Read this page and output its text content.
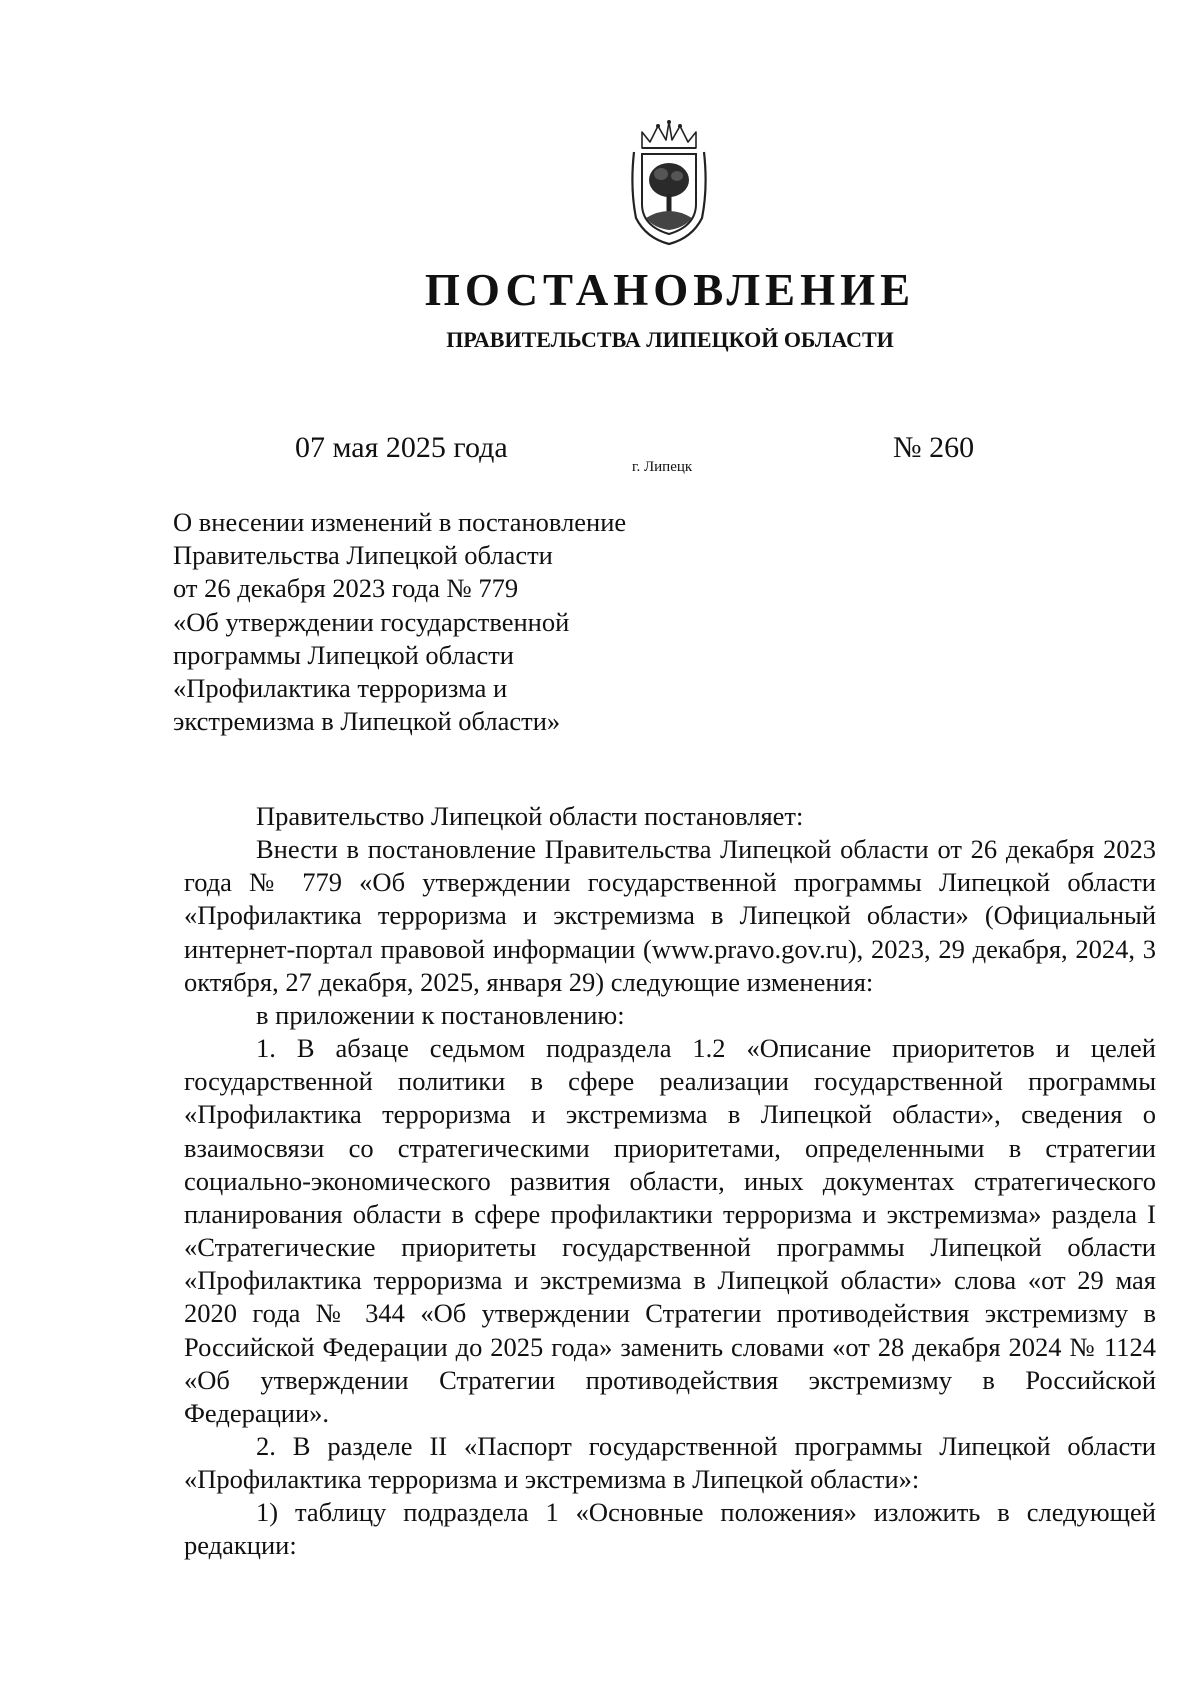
ПОСТАНОВЛЕНИЕ
ПРАВИТЕЛЬСТВА ЛИПЕЦКОЙ ОБЛАСТИ
07 мая 2025 года
г. Липецк
№ 260
О внесении изменений в постановление
Правительства Липецкой области
от 26 декабря 2023 года № 779
«Об утверждении государственной
программы Липецкой области
«Профилактика терроризма и
экстремизма в Липецкой области»

Правительство Липецкой области постановляет:

Внести в постановление Правительства Липецкой области от 26 декабря 2023 года № 779 «Об утверждении государственной программы Липецкой области «Профилактика терроризма и экстремизма в Липецкой области» (Официальный интернет-портал правовой информации (www.pravo.gov.ru), 2023, 29 декабря, 2024, 3 октября, 27 декабря, 2025, января 29) следующие изменения:

в приложении к постановлению:

1. В абзаце седьмом подраздела 1.2 «Описание приоритетов и целей государственной политики в сфере реализации государственной программы «Профилактика терроризма и экстремизма в Липецкой области», сведения о взаимосвязи со стратегическими приоритетами, определенными в стратегии социально-экономического развития области, иных документах стратегического планирования области в сфере профилактики терроризма и экстремизма» раздела I «Стратегические приоритеты государственной программы Липецкой области «Профилактика терроризма и экстремизма в Липецкой области» слова «от 29 мая 2020 года № 344 «Об утверждении Стратегии противодействия экстремизму в Российской Федерации до 2025 года» заменить словами «от 28 декабря 2024 № 1124 «Об утверждении Стратегии противодействия экстремизму в Российской Федерации».

2. В разделе II «Паспорт государственной программы Липецкой области «Профилактика терроризма и экстремизма в Липецкой области»:

1) таблицу подраздела 1 «Основные положения» изложить в следующей редакции:
